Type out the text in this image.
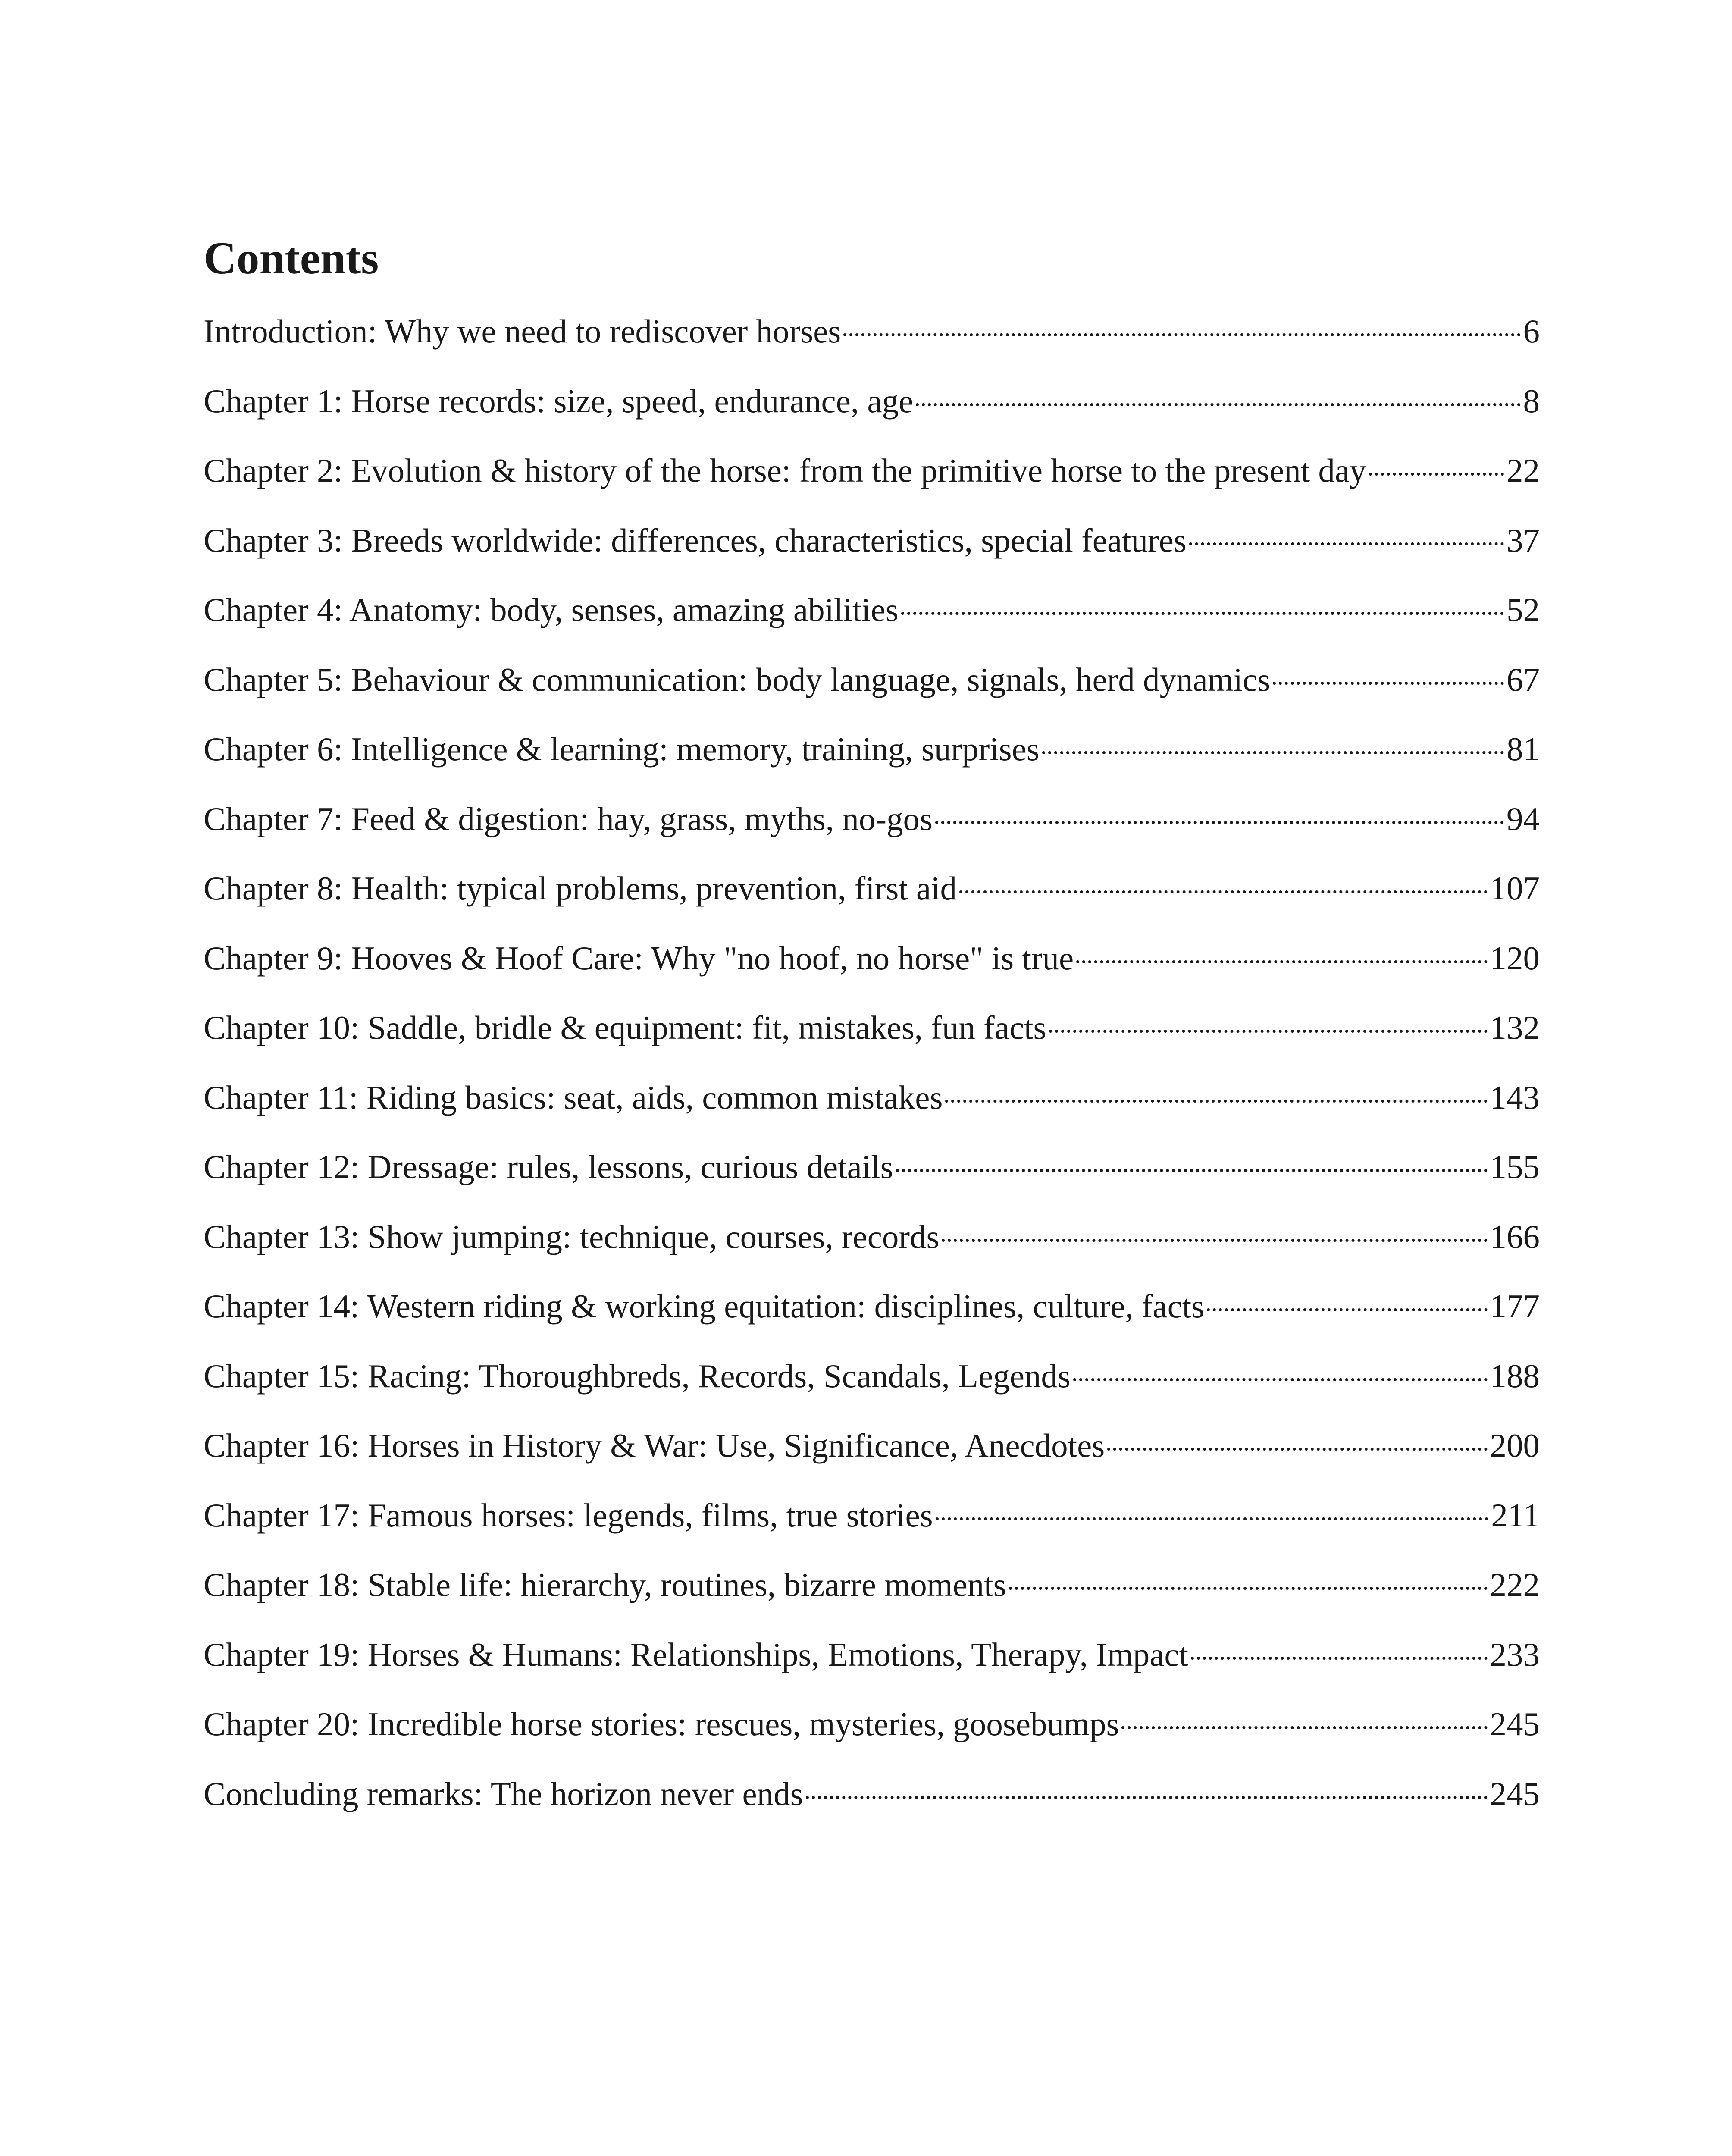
Contents
Introduction: Why we need to rediscover horses	6
Chapter 1: Horse records: size, speed, endurance, age	8
Chapter 2: Evolution & history of the horse: from the primitive horse to the present day	22
Chapter 3: Breeds worldwide: differences, characteristics, special features	37
Chapter 4: Anatomy: body, senses, amazing abilities	52
Chapter 5: Behaviour & communication: body language, signals, herd dynamics	67
Chapter 6: Intelligence & learning: memory, training, surprises	81
Chapter 7: Feed & digestion: hay, grass, myths, no-gos	94
Chapter 8: Health: typical problems, prevention, first aid	107
Chapter 9: Hooves & Hoof Care: Why "no hoof, no horse" is true	120
Chapter 10: Saddle, bridle & equipment: fit, mistakes, fun facts	132
Chapter 11: Riding basics: seat, aids, common mistakes	143
Chapter 12: Dressage: rules, lessons, curious details	155
Chapter 13: Show jumping: technique, courses, records	166
Chapter 14: Western riding & working equitation: disciplines, culture, facts	177
Chapter 15: Racing: Thoroughbreds, Records, Scandals, Legends	188
Chapter 16: Horses in History & War: Use, Significance, Anecdotes	200
Chapter 17: Famous horses: legends, films, true stories	211
Chapter 18: Stable life: hierarchy, routines, bizarre moments	222
Chapter 19: Horses & Humans: Relationships, Emotions, Therapy, Impact	233
Chapter 20: Incredible horse stories: rescues, mysteries, goosebumps	245
Concluding remarks: The horizon never ends	245
